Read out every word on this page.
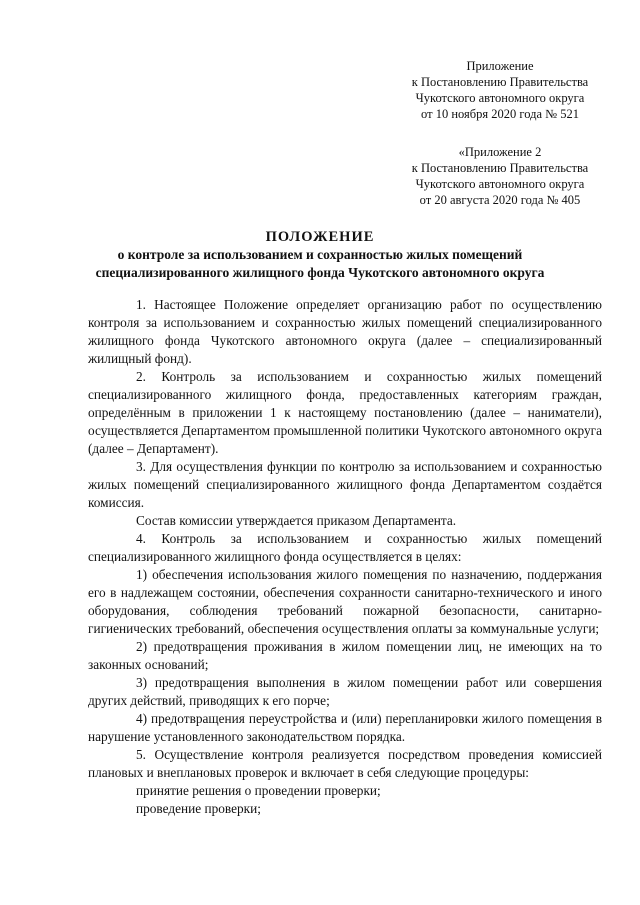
Приложение
к Постановлению Правительства
Чукотского автономного округа
от 10 ноября 2020 года № 521
«Приложение 2
к Постановлению Правительства
Чукотского автономного округа
от 20 августа 2020 года № 405
ПОЛОЖЕНИЕ
о контроле за использованием и сохранностью жилых помещений
специализированного жилищного фонда Чукотского автономного округа

1. Настоящее Положение определяет организацию работ по осуществлению контроля за использованием и сохранностью жилых помещений специализированного жилищного фонда Чукотского автономного округа (далее – специализированный жилищный фонд).

2. Контроль за использованием и сохранностью жилых помещений специализированного жилищного фонда, предоставленных категориям граждан, определённым в приложении 1 к настоящему постановлению (далее – наниматели), осуществляется Департаментом промышленной политики Чукотского автономного округа (далее – Департамент).

3. Для осуществления функции по контролю за использованием и сохранностью жилых помещений специализированного жилищного фонда Департаментом создаётся комиссия.

Состав комиссии утверждается приказом Департамента.

4. Контроль за использованием и сохранностью жилых помещений специализированного жилищного фонда осуществляется в целях:

1) обеспечения использования жилого помещения по назначению, поддержания его в надлежащем состоянии, обеспечения сохранности санитарно-технического и иного оборудования, соблюдения требований пожарной безопасности, санитарно-гигиенических требований, обеспечения осуществления оплаты за коммунальные услуги;

2) предотвращения проживания в жилом помещении лиц, не имеющих на то законных оснований;

3) предотвращения выполнения в жилом помещении работ или совершения других действий, приводящих к его порче;

4) предотвращения переустройства и (или) перепланировки жилого помещения в нарушение установленного законодательством порядка.

5. Осуществление контроля реализуется посредством проведения комиссией плановых и внеплановых проверок и включает в себя следующие процедуры:

принятие решения о проведении проверки;

проведение проверки;
